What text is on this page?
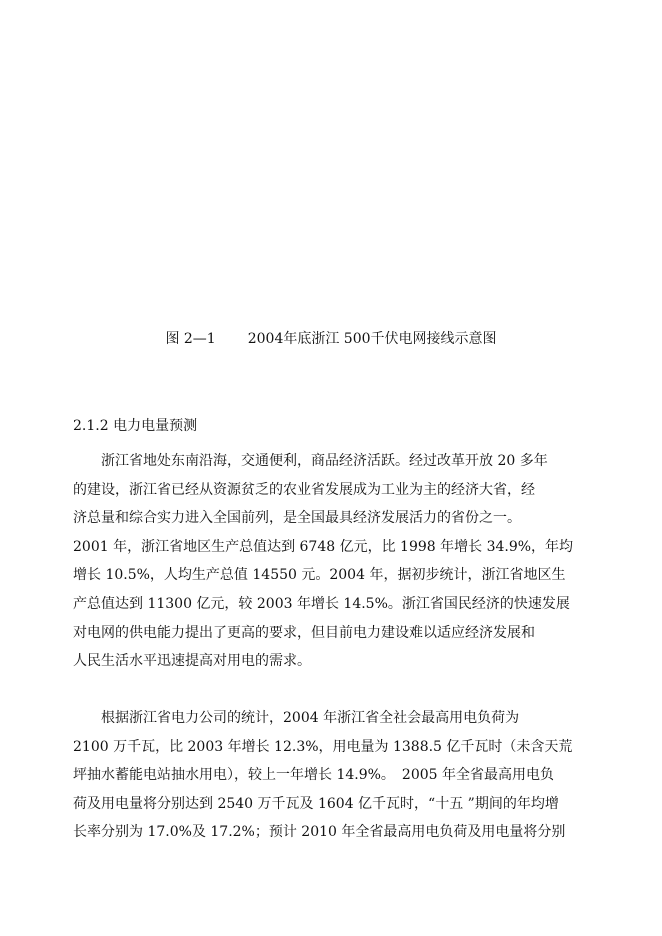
图 2—1 2004年底浙江 500千伏电网接线示意图
2.1.2 电力电量预测
　　浙江省地处东南沿海，交通便利，商品经济活跃。经过改革开放 20 多年
的建设，浙江省已经从资源贫乏的农业省发展成为工业为主的经济大省，经
济总量和综合实力进入全国前列，是全国最具经济发展活力的省份之一。
2001 年，浙江省地区生产总值达到 6748 亿元，比 1998 年增长 34.9%，年均
增长 10.5%，人均生产总值 14550 元。2004 年，据初步统计，浙江省地区生
产总值达到 11300 亿元，较 2003 年增长 14.5%。浙江省国民经济的快速发展
对电网的供电能力提出了更高的要求，但目前电力建设难以适应经济发展和
人民生活水平迅速提高对用电的需求。
　　根据浙江省电力公司的统计，2004 年浙江省全社会最高用电负荷为
2100 万千瓦，比 2003 年增长 12.3%，用电量为 1388.5 亿千瓦时（未含天荒
坪抽水蓄能电站抽水用电），较上一年增长 14.9%。　2005 年全省最高用电负
荷及用电量将分别达到 2540 万千瓦及 1604 亿千瓦时，“十五 ”期间的年均增
长率分别为 17.0%及 17.2%；预计 2010 年全省最高用电负荷及用电量将分别
